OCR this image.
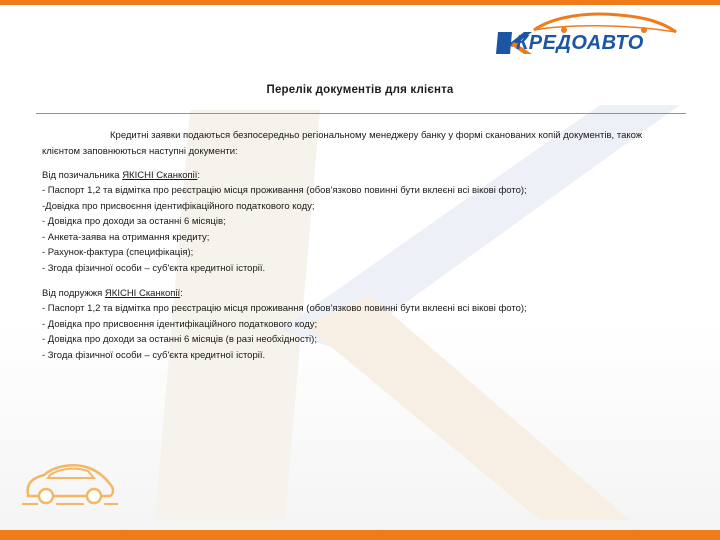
КРЕДОАВТО
Перелік документів для клієнта

Кредитні заявки подаються безпосередньо регіональному менеджеру банку у формі сканованих копій документів, також клієнтом заповнюються наступні документи:

Від позичальника ЯКІСНІ Сканкопії:
- Паспорт 1,2 та відмітка про реєстрацію місця проживання (обов'язково повинні бути вклеєні всі вікові фото);
-Довідка про присвоєння ідентифікаційного податкового коду;
- Довідка про доходи за останні 6 місяців;
- Анкета-заява на отримання кредиту;
- Рахунок-фактура (специфікація);
- Згода фізичної особи – суб'єкта кредитної історії.
Від подружжя ЯКІСНІ Сканкопії:
- Паспорт 1,2 та відмітка про реєстрацію місця проживання (обов'язково повинні бути вклеєні всі вікові фото);
- Довідка про присвоєння ідентифікаційного податкового коду;
- Довідка про доходи за останні 6 місяців (в разі необхідності);
- Згода фізичної особи – суб'єкта кредитної історії.
